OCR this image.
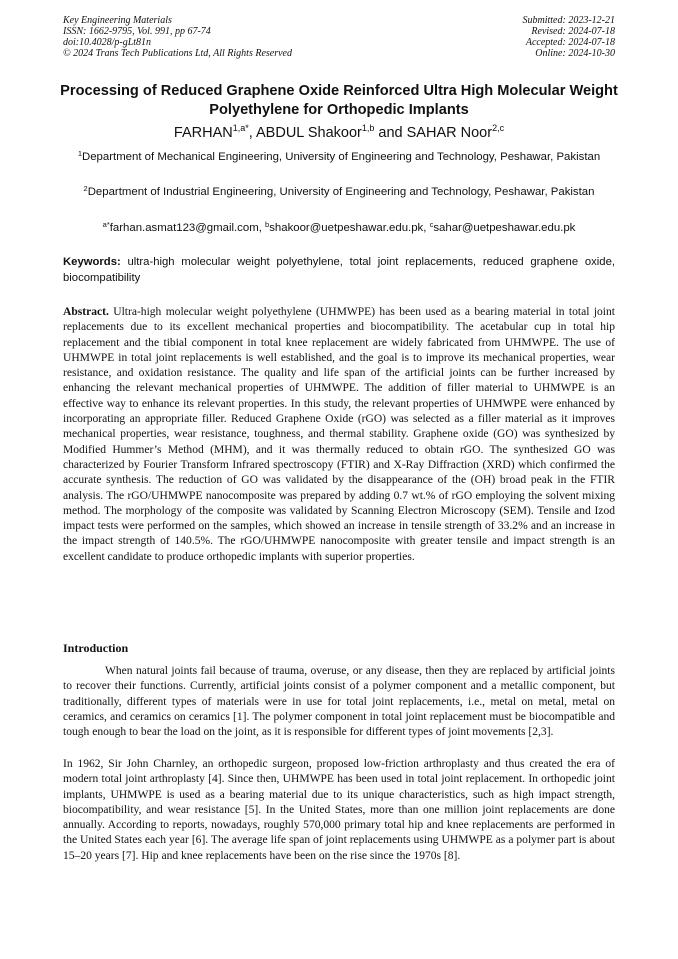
Key Engineering Materials
ISSN: 1662-9795, Vol. 991, pp 67-74
doi:10.4028/p-gLt81n
© 2024 Trans Tech Publications Ltd, All Rights Reserved
Submitted: 2023-12-21
Revised: 2024-07-18
Accepted: 2024-07-18
Online: 2024-10-30
Processing of Reduced Graphene Oxide Reinforced Ultra High Molecular Weight Polyethylene for Orthopedic Implants
$FARHAN^{1,a*}$, ABDUL Shakoor$^{1,b}$ and SAHAR Noor$^{2,c}$
$^1$Department of Mechanical Engineering, University of Engineering and Technology, Peshawar, Pakistan
$^2$Department of Industrial Engineering, University of Engineering and Technology, Peshawar, Pakistan
$^{a*}$farhan.asmat123@gmail.com, $^b$shakoor@uetpeshawar.edu.pk, $^c$sahar@uetpeshawar.edu.pk
Keywords: ultra-high molecular weight polyethylene, total joint replacements, reduced graphene oxide, biocompatibility
Abstract. Ultra-high molecular weight polyethylene (UHMWPE) has been used as a bearing material in total joint replacements due to its excellent mechanical properties and biocompatibility. The acetabular cup in total hip replacement and the tibial component in total knee replacement are widely fabricated from UHMWPE. The use of UHMWPE in total joint replacements is well established, and the goal is to improve its mechanical properties, wear resistance, and oxidation resistance. The quality and life span of the artificial joints can be further increased by enhancing the relevant mechanical properties of UHMWPE. The addition of filler material to UHMWPE is an effective way to enhance its relevant properties. In this study, the relevant properties of UHMWPE were enhanced by incorporating an appropriate filler. Reduced Graphene Oxide (rGO) was selected as a filler material as it improves mechanical properties, wear resistance, toughness, and thermal stability. Graphene oxide (GO) was synthesized by Modified Hummer’s Method (MHM), and it was thermally reduced to obtain rGO. The synthesized GO was characterized by Fourier Transform Infrared spectroscopy (FTIR) and X-Ray Diffraction (XRD) which confirmed the accurate synthesis. The reduction of GO was validated by the disappearance of the (OH) broad peak in the FTIR analysis. The rGO/UHMWPE nanocomposite was prepared by adding 0.7 wt.% of rGO employing the solvent mixing method. The morphology of the composite was validated by Scanning Electron Microscopy (SEM). Tensile and Izod impact tests were performed on the samples, which showed an increase in tensile strength of 33.2% and an increase in the impact strength of 140.5%. The rGO/UHMWPE nanocomposite with greater tensile and impact strength is an excellent candidate to produce orthopedic implants with superior properties.
Introduction
When natural joints fail because of trauma, overuse, or any disease, then they are replaced by artificial joints to recover their functions. Currently, artificial joints consist of a polymer component and a metallic component, but traditionally, different types of materials were in use for total joint replacements, i.e., metal on metal, metal on ceramics, and ceramics on ceramics [1]. The polymer component in total joint replacement must be biocompatible and tough enough to bear the load on the joint, as it is responsible for different types of joint movements [2,3].
In 1962, Sir John Charnley, an orthopedic surgeon, proposed low-friction arthroplasty and thus created the era of modern total joint arthroplasty [4]. Since then, UHMWPE has been used in total joint replacement. In orthopedic joint implants, UHMWPE is used as a bearing material due to its unique characteristics, such as high impact strength, biocompatibility, and wear resistance [5]. In the United States, more than one million joint replacements are done annually. According to reports, nowadays, roughly 570,000 primary total hip and knee replacements are performed in the United States each year [6]. The average life span of joint replacements using UHMWPE as a polymer part is about 15–20 years [7]. Hip and knee replacements have been on the rise since the 1970s [8].
